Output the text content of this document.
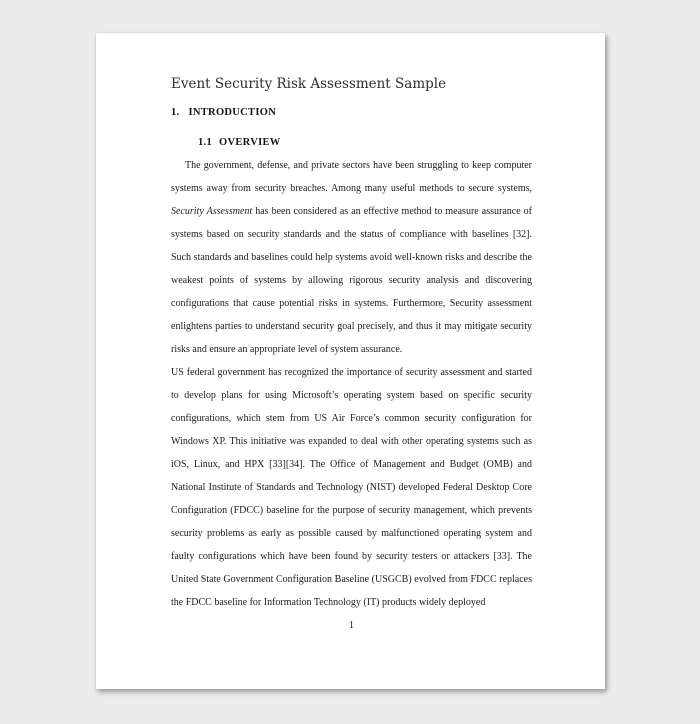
Event Security Risk Assessment Sample
1. INTRODUCTION
1.1 OVERVIEW

The government, defense, and private sectors have been struggling to keep computer systems away from security breaches. Among many useful methods to secure systems, Security Assessment has been considered as an effective method to measure assurance of systems based on security standards and the status of compliance with baselines [32]. Such standards and baselines could help systems avoid well-known risks and describe the weakest points of systems by allowing rigorous security analysis and discovering configurations that cause potential risks in systems. Furthermore, Security assessment enlightens parties to understand security goal precisely, and thus it may mitigate security risks and ensure an appropriate level of system assurance.

US federal government has recognized the importance of security assessment and started to develop plans for using Microsoft’s operating system based on specific security configurations, which stem from US Air Force’s common security configuration for Windows XP. This initiative was expanded to deal with other operating systems such as iOS, Linux, and HPX [33][34]. The Office of Management and Budget (OMB) and National Institute of Standards and Technology (NIST) developed Federal Desktop Core Configuration (FDCC) baseline for the purpose of security management, which prevents security problems as early as possible caused by malfunctioned operating system and faulty configurations which have been found by security testers or attackers [33]. The United State Government Configuration Baseline (USGCB) evolved from FDCC replaces the FDCC baseline for Information Technology (IT) products widely deployed

1
